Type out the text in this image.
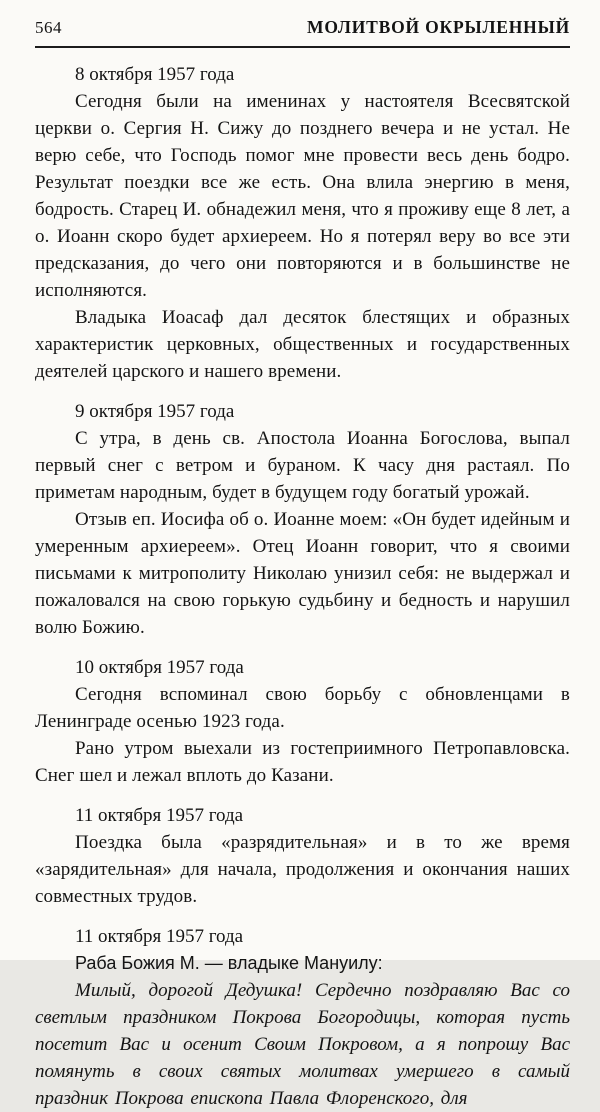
564	МОЛИТВОЙ ОКРЫЛЕННЫЙ

8 октября 1957 года

Сегодня были на именинах у настоятеля Всесвятской церкви о. Сергия Н. Сижу до позднего вечера и не устал. Не верю себе, что Господь помог мне провести весь день бодро. Результат поездки все же есть. Она влила энергию в меня, бодрость. Старец И. обнадежил меня, что я проживу еще 8 лет, а о. Иоанн скоро будет архиереем. Но я потерял веру во все эти предсказания, до чего они повторяются и в большинстве не исполняются.

Владыка Иоасаф дал десяток блестящих и образных характеристик церковных, общественных и государственных деятелей царского и нашего времени.

9 октября 1957 года

С утра, в день св. Апостола Иоанна Богослова, выпал первый снег с ветром и бураном. К часу дня растаял. По приметам народным, будет в будущем году богатый урожай.

Отзыв еп. Иосифа об о. Иоанне моем: «Он будет идейным и умеренным архиереем». Отец Иоанн говорит, что я своими письмами к митрополиту Николаю унизил себя: не выдержал и пожаловался на свою горькую судьбину и бедность и нарушил волю Божию.

10 октября 1957 года

Сегодня вспоминал свою борьбу с обновленцами в Ленинграде осенью 1923 года.

Рано утром выехали из гостеприимного Петропавловска. Снег шел и лежал вплоть до Казани.

11 октября 1957 года

Поездка была «разрядительная» и в то же время «зарядительная» для начала, продолжения и окончания наших совместных трудов.

11 октября 1957 года

Раба Божия М. — владыке Мануилу:

Милый, дорогой Дедушка! Сердечно поздравляю Вас со светлым праздником Покрова Богородицы, которая пусть посетит Вас и осенит Своим Покровом, а я попрошу Вас помянуть в своих святых молитвах умершего в самый праздник Покрова епископа Павла Флоренского, для
